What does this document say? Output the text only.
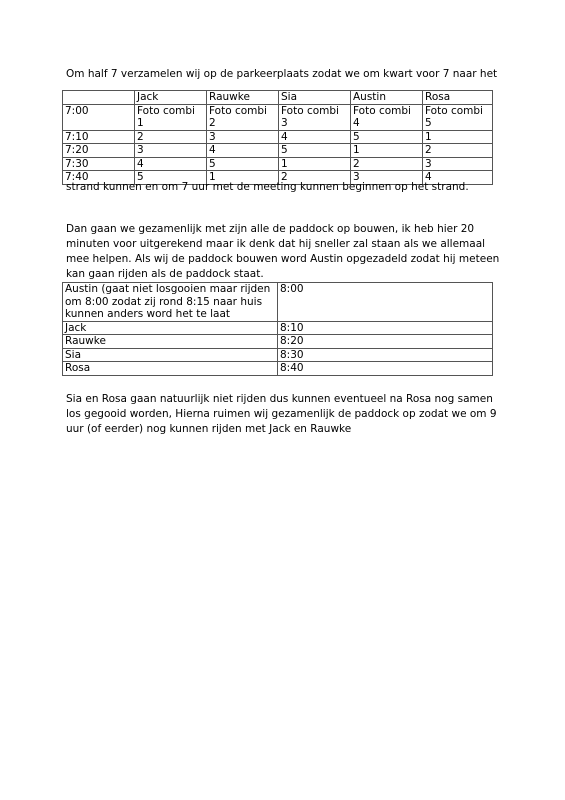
Om half 7 verzamelen wij op de parkeerplaats zodat we om kwart voor 7 naar het

	Jack	Rauwke	Sia	Austin	Rosa
7:00	Foto combi 1	Foto combi 2	Foto combi 3	Foto combi 4	Foto combi 5
7:10	2	3	4	5	1
7:20	3	4	5	1	2
7:30	4	5	1	2	3
7:40	5	1	2	3	4

strand kunnen en om 7 uur met de meeting kunnen beginnen op het strand.

Dan gaan we gezamenlijk met zijn alle de paddock op bouwen, ik heb hier 20 minuten voor uitgerekend maar ik denk dat hij sneller zal staan als we allemaal mee helpen. Als wij de paddock bouwen word Austin opgezadeld zodat hij meteen kan gaan rijden als de paddock staat.

Austin (gaat niet losgooien maar rijden om 8:00 zodat zij rond 8:15 naar huis kunnen anders word het te laat	8:00
Jack	8:10
Rauwke	8:20
Sia	8:30
Rosa	8:40

Sia en Rosa gaan natuurlijk niet rijden dus kunnen eventueel na Rosa nog samen los gegooid worden, Hierna ruimen wij gezamenlijk de paddock op zodat we om 9 uur (of eerder) nog kunnen rijden met Jack en Rauwke
